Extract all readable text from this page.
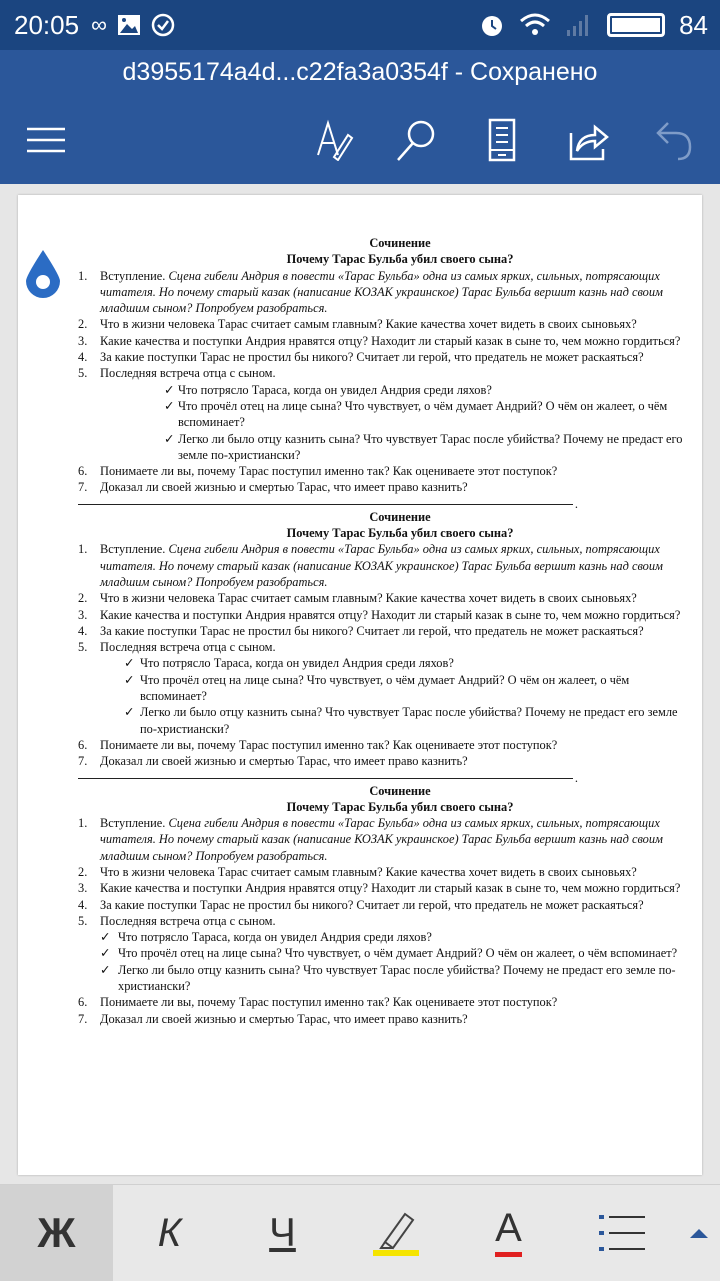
20:05 ∞	84
d3955174a4d...c22fa3a0354f - Сохранено
Сочинение
Почему Тарас Бульба убил своего сына?
1. Вступление. Сцена гибели Андрия в повести «Тарас Бульба» одна из самых ярких, сильных, потрясающих читателя. Но почему старый казак (написание КОЗАК украинское) Тарас Бульба вершит казнь над своим младшим сыном? Попробуем разобраться.
2. Что в жизни человека Тарас считает самым главным? Какие качества хочет видеть в своих сыновьях?
3. Какие качества и поступки Андрия нравятся отцу? Находит ли старый казак в сыне то, чем можно гордиться?
4. За какие поступки Тарас не простил бы никого? Считает ли герой, что предатель не может раскаяться?
5. Последняя встреча отца с сыном.
✓ Что потрясло Тараса, когда он увидел Андрия среди ляхов?
✓ Что прочёл отец на лице сына? Что чувствует, о чём думает Андрий? О чём он жалеет, о чём вспоминает?
✓ Легко ли было отцу казнить сына? Что чувствует Тарас после убийства? Почему не предаст его земле по-христиански?
6. Понимаете ли вы, почему Тарас поступил именно так? Как оцениваете этот поступок?
7. Доказал ли своей жизнью и смертью Тарас, что имеет право казнить?
.
Сочинение
Почему Тарас Бульба убил своего сына?
1. Вступление. Сцена гибели Андрия в повести «Тарас Бульба» одна из самых ярких, сильных, потрясающих читателя. Но почему старый казак (написание КОЗАК украинское) Тарас Бульба вершит казнь над своим младшим сыном? Попробуем разобраться.
2. Что в жизни человека Тарас считает самым главным? Какие качества хочет видеть в своих сыновьях?
3. Какие качества и поступки Андрия нравятся отцу? Находит ли старый казак в сыне то, чем можно гордиться?
4. За какие поступки Тарас не простил бы никого? Считает ли герой, что предатель не может раскаяться?
5. Последняя встреча отца с сыном.
✓ Что потрясло Тараса, когда он увидел Андрия среди ляхов?
✓ Что прочёл отец на лице сына? Что чувствует, о чём думает Андрий? О чём он жалеет, о чём вспоминает?
✓ Легко ли было отцу казнить сына? Что чувствует Тарас после убийства? Почему не предаст его земле по-христиански?
6. Понимаете ли вы, почему Тарас поступил именно так? Как оцениваете этот поступок?
7. Доказал ли своей жизнью и смертью Тарас, что имеет право казнить?
.
Сочинение
Почему Тарас Бульба убил своего сына?
1. Вступление. Сцена гибели Андрия в повести «Тарас Бульба» одна из самых ярких, сильных, потрясающих читателя. Но почему старый казак (написание КОЗАК украинское) Тарас Бульба вершит казнь над своим младшим сыном? Попробуем разобраться.
2. Что в жизни человека Тарас считает самым главным? Какие качества хочет видеть в своих сыновьях?
3. Какие качества и поступки Андрия нравятся отцу? Находит ли старый казак в сыне то, чем можно гордиться?
4. За какие поступки Тарас не простил бы никого? Считает ли герой, что предатель не может раскаяться?
5. Последняя встреча отца с сыном.
✓ Что потрясло Тараса, когда он увидел Андрия среди ляхов?
✓ Что прочёл отец на лице сына? Что чувствует, о чём думает Андрий? О чём он жалеет, о чём вспоминает?
✓ Легко ли было отцу казнить сына? Что чувствует Тарас после убийства? Почему не предаст его земле по-христиански?
6. Понимаете ли вы, почему Тарас поступил именно так? Как оцениваете этот поступок?
7. Доказал ли своей жизнью и смертью Тарас, что имеет право казнить?
Ж К Ч	A
